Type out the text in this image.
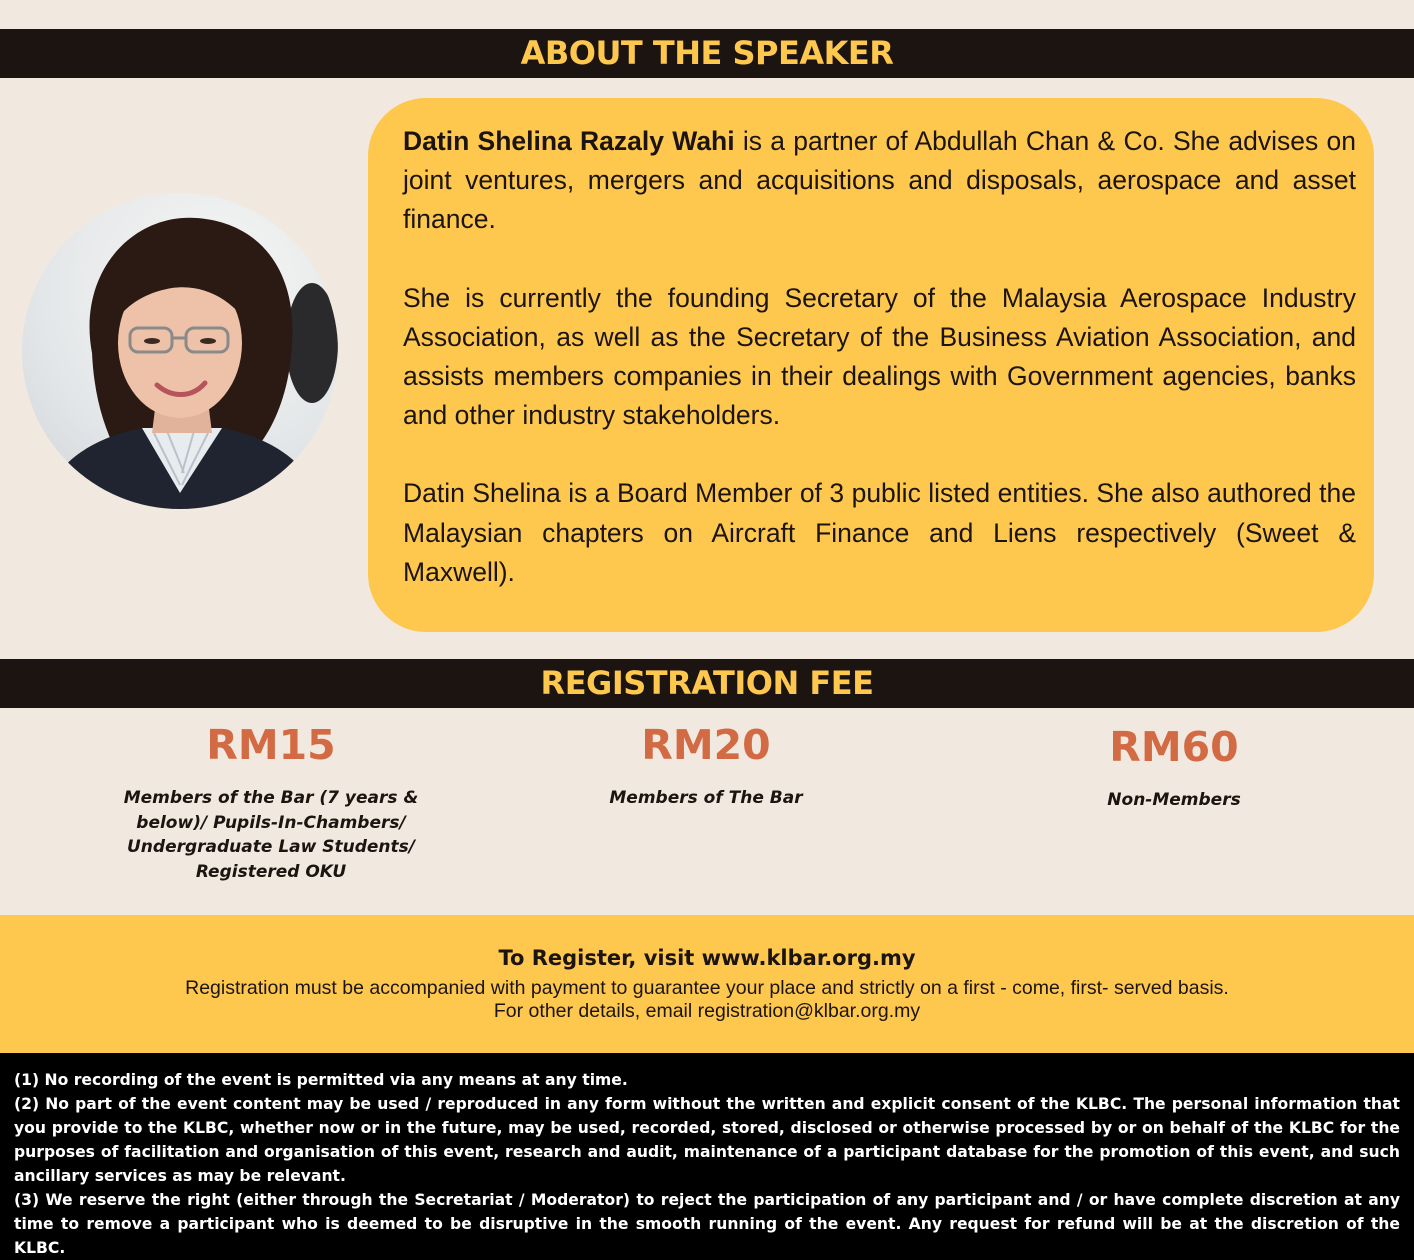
ABOUT THE SPEAKER

Datin Shelina Razaly Wahi is a partner of Abdullah Chan & Co. She advises on joint ventures, mergers and acquisitions and disposals, aerospace and asset finance.

She is currently the founding Secretary of the Malaysia Aerospace Industry Association, as well as the Secretary of the Business Aviation Association, and assists members companies in their dealings with Government agencies, banks and other industry stakeholders.

Datin Shelina is a Board Member of 3 public listed entities. She also authored the Malaysian chapters on Aircraft Finance and Liens respectively (Sweet & Maxwell).

REGISTRATION FEE
RM15
Members of the Bar (7 years &
below)/ Pupils-In-Chambers/
Undergraduate Law Students/
Registered OKU
RM20
Members of The Bar
RM60
Non-Members
To Register, visit www.klbar.org.my
Registration must be accompanied with payment to guarantee your place and strictly on a first - come, first- served basis.
For other details, email registration@klbar.org.my

(1) No recording of the event is permitted via any means at any time.

(2) No part of the event content may be used / reproduced in any form without the written and explicit consent of the KLBC. The personal information that you provide to the KLBC, whether now or in the future, may be used, recorded, stored, disclosed or otherwise processed by or on behalf of the KLBC for the purposes of facilitation and organisation of this event, research and audit, maintenance of a participant database for the promotion of this event, and such ancillary services as may be relevant.

(3) We reserve the right (either through the Secretariat / Moderator) to reject the participation of any participant and / or have complete discretion at any time to remove a participant who is deemed to be disruptive in the smooth running of the event. Any request for refund will be at the discretion of the KLBC.
